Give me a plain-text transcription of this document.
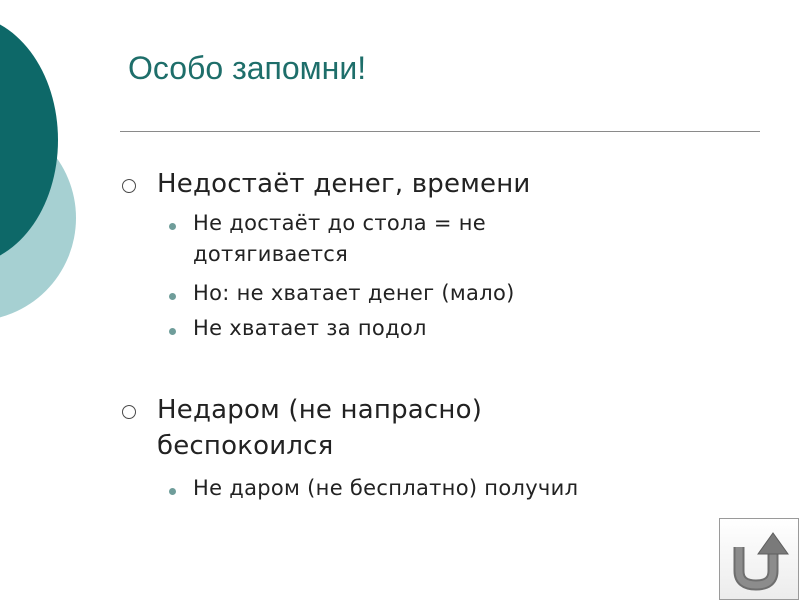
Особо запомни!
Недостаёт денег, времени
Не достаёт до стола = не
дотягивается
Но: не хватает денег (мало)
Не хватает за подол
Недаром (не напрасно)
беспокоился
Не даром (не бесплатно) получил
